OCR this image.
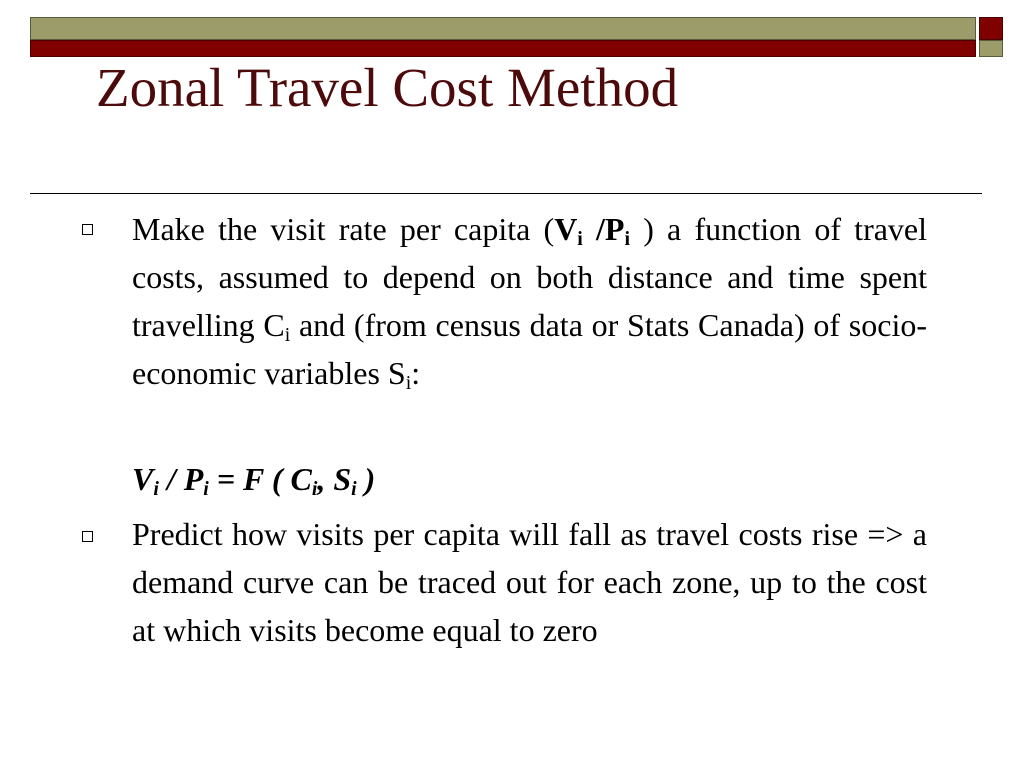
Zonal Travel Cost Method

Make the visit rate per capita ($V_i$ $/P_i$ ) a function of travel costs, assumed to depend on both distance and time spent travelling $C_i$ and (from census data or Stats Canada) of socio-economic variables $S_i$:

$V_i / P_i = F$ ( $C_i$, $S_i$ )

Predict how visits per capita will fall as travel costs rise => a demand curve can be traced out for each zone, up to the cost at which visits become equal to zero
